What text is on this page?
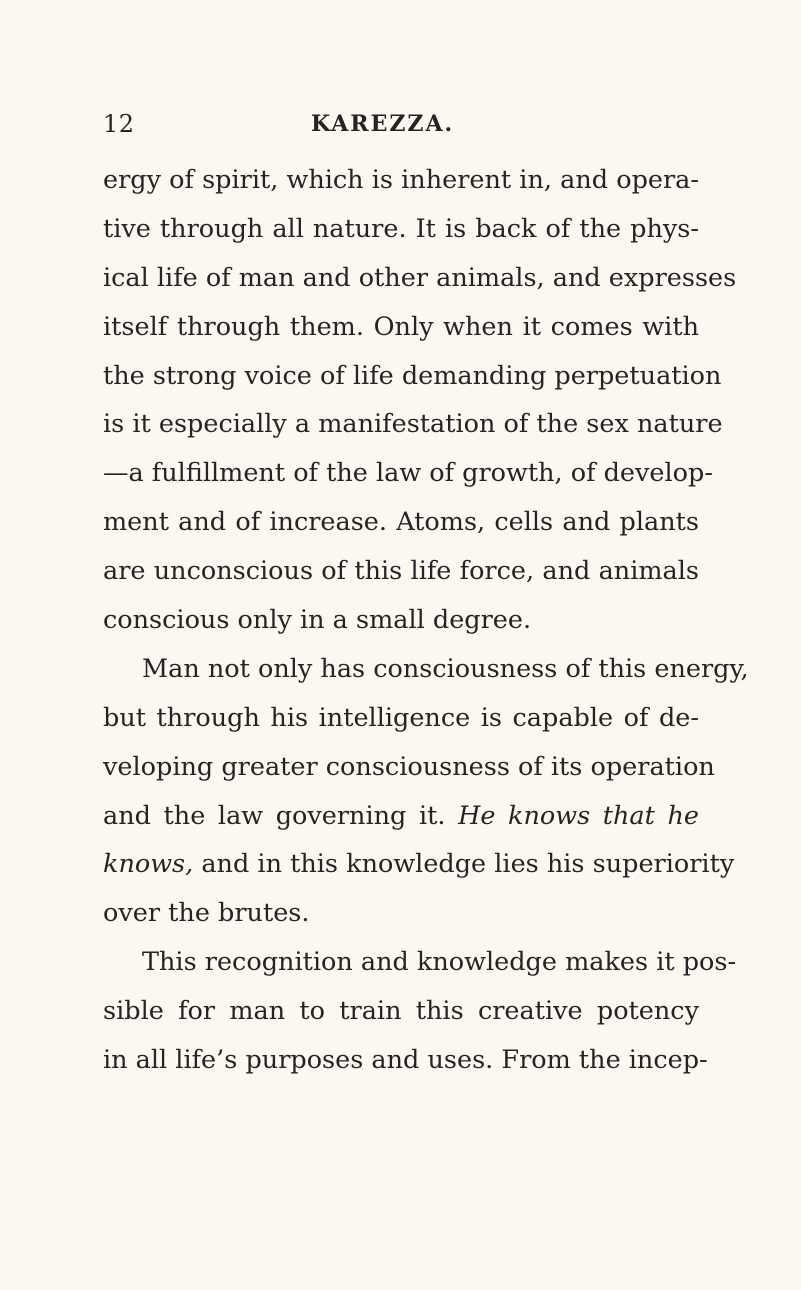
12	KAREZZA.
ergy of spirit, which is inherent in, and opera-
tive through all nature. It is back of the phys-
ical life of man and other animals, and expresses
itself through them. Only when it comes with
the strong voice of life demanding perpetuation
is it especially a manifestation of the sex nature
—a fulfillment of the law of growth, of develop-
ment and of increase. Atoms, cells and plants
are unconscious of this life force, and animals
conscious only in a small degree.
Man not only has consciousness of this energy,
but through his intelligence is capable of de-
veloping greater consciousness of its operation
and the law governing it. He knows that he
knows, and in this knowledge lies his superiority
over the brutes.
This recognition and knowledge makes it pos-
sible for man to train this creative potency
in all life’s purposes and uses. From the incep-
